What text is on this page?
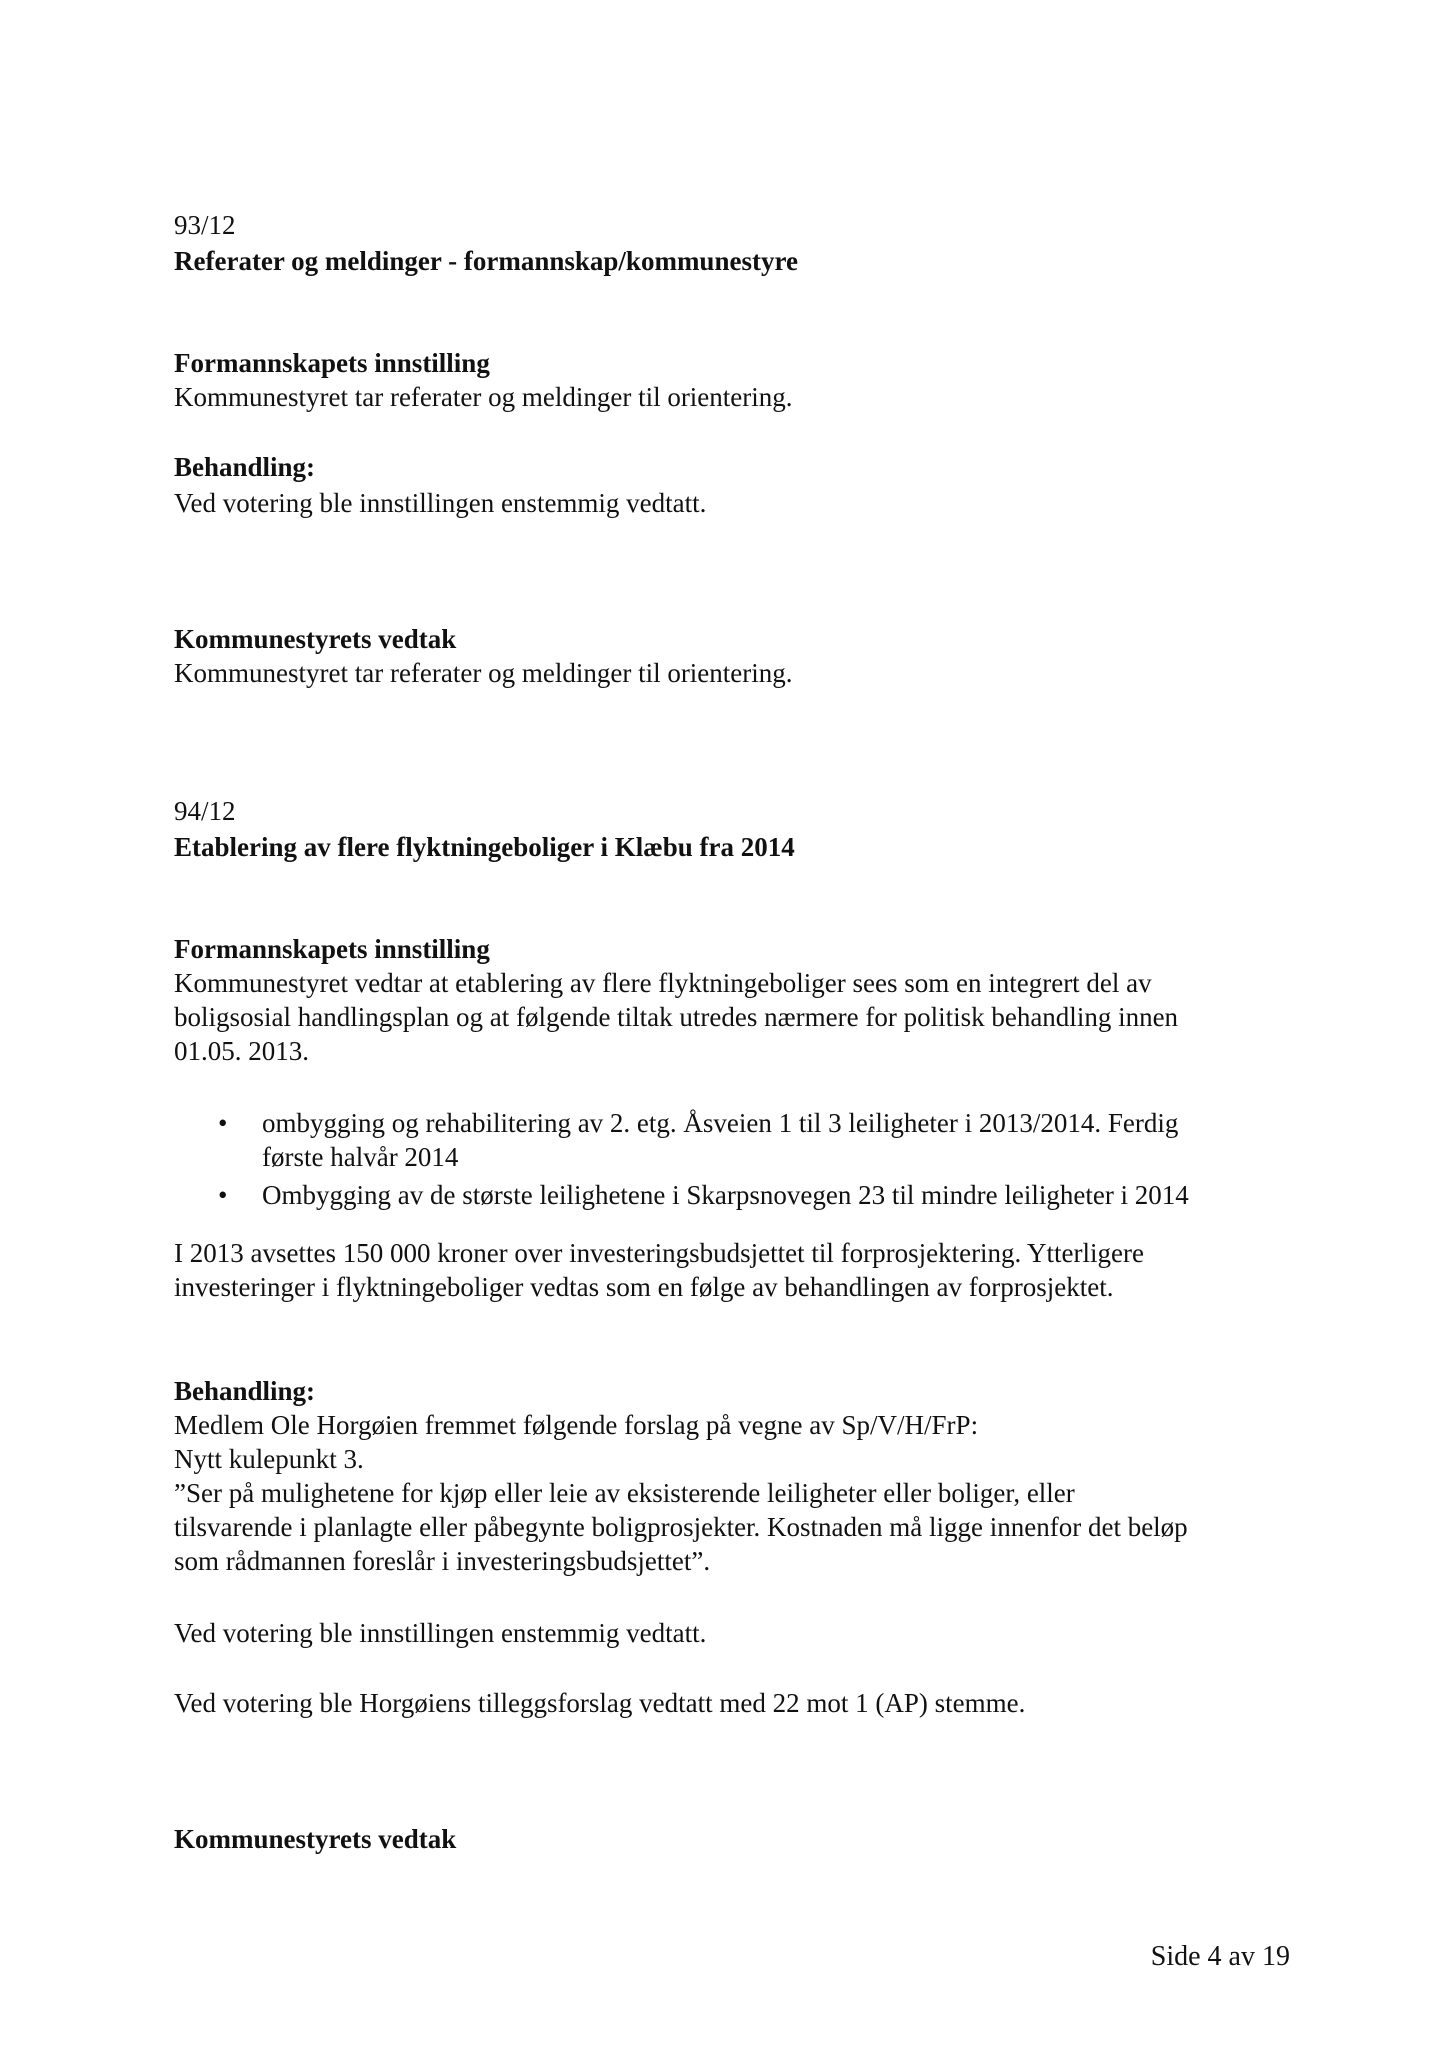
93/12

Referater og meldinger - formannskap/kommunestyre

Formannskapets innstilling

Kommunestyret tar referater og meldinger til orientering.

Behandling:

Ved votering ble innstillingen enstemmig vedtatt.

Kommunestyrets vedtak

Kommunestyret tar referater og meldinger til orientering.

94/12

Etablering av flere flyktningeboliger i Klæbu fra 2014

Formannskapets innstilling

Kommunestyret vedtar at etablering av flere flyktningeboliger sees som en integrert del av

boligsosial handlingsplan og at følgende tiltak utredes nærmere for politisk behandling innen

01.05. 2013.

• ombygging og rehabilitering av 2. etg. Åsveien 1 til 3 leiligheter i 2013/2014. Ferdig

første halvår 2014

• Ombygging av de største leilighetene i Skarpsnovegen 23 til mindre leiligheter i 2014

I 2013 avsettes 150 000 kroner over investeringsbudsjettet til forprosjektering. Ytterligere

investeringer i flyktningeboliger vedtas som en følge av behandlingen av forprosjektet.

Behandling:

Medlem Ole Horgøien fremmet følgende forslag på vegne av Sp/V/H/FrP:

Nytt kulepunkt 3.

”Ser på mulighetene for kjøp eller leie av eksisterende leiligheter eller boliger, eller

tilsvarende i planlagte eller påbegynte boligprosjekter. Kostnaden må ligge innenfor det beløp

som rådmannen foreslår i investeringsbudsjettet”.

Ved votering ble innstillingen enstemmig vedtatt.

Ved votering ble Horgøiens tilleggsforslag vedtatt med 22 mot 1 (AP) stemme.

Kommunestyrets vedtak

Side 4 av 19
